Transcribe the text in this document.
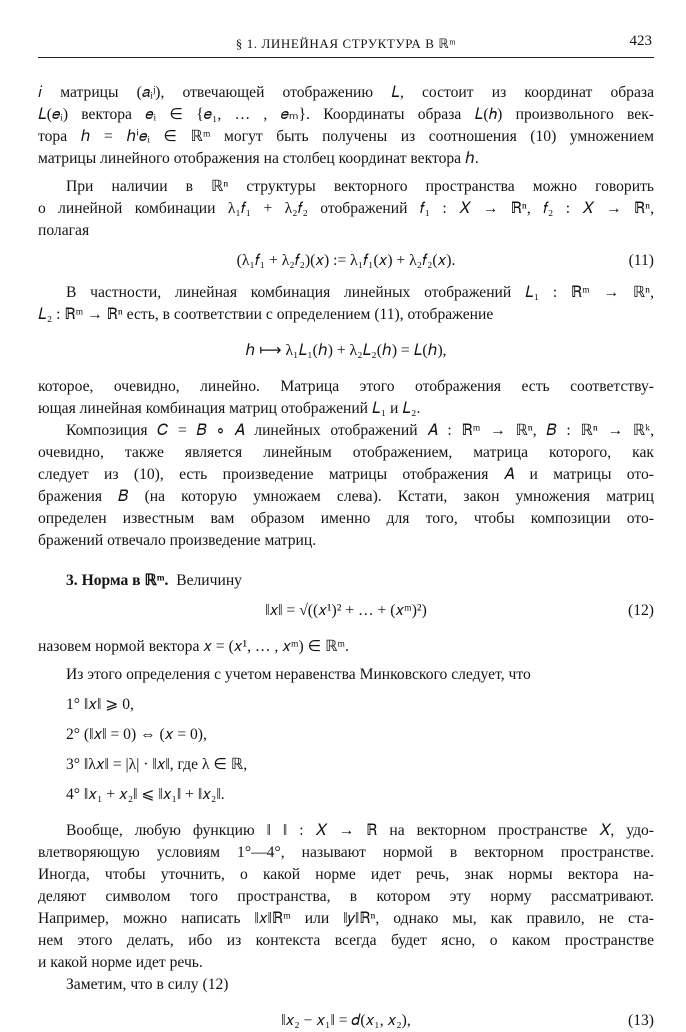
§ 1. ЛИНЕЙНАЯ СТРУКТУРА В ℝᵐ	423
𝑖 матрицы (𝑎ᵢʲ), отвечающей отображению 𝐿, состоит из координат образа
𝐿(𝑒ᵢ) вектора 𝑒ᵢ ∈ {𝑒₁, … , 𝑒ₘ}. Координаты образа 𝐿(ℎ) произвольного век-
тора ℎ = ℎⁱ𝑒ᵢ ∈ ℝᵐ могут быть получены из соотношения (10) умножением
матрицы линейного отображения на столбец координат вектора ℎ.
При наличии в ℝⁿ структуры векторного пространства можно говорить
о линейной комбинации λ₁𝑓₁ + λ₂𝑓₂ отображений 𝑓₁ : 𝑋 → ℝⁿ, 𝑓₂ : 𝑋 → ℝⁿ,
полагая
(λ₁𝑓₁ + λ₂𝑓₂)(𝑥) := λ₁𝑓₁(𝑥) + λ₂𝑓₂(𝑥).	(11)
В частности, линейная комбинация линейных отображений 𝐿₁ : ℝᵐ → ℝⁿ,
𝐿₂ : ℝᵐ → ℝⁿ есть, в соответствии с определением (11), отображение
ℎ ⟼ λ₁𝐿₁(ℎ) + λ₂𝐿₂(ℎ) = 𝐿(ℎ),
которое, очевидно, линейно. Матрица этого отображения есть соответству-
ющая линейная комбинация матриц отображений 𝐿₁ и 𝐿₂.
Композиция 𝐶 = 𝐵 ∘ 𝐴 линейных отображений 𝐴 : ℝᵐ → ℝⁿ, 𝐵 : ℝⁿ → ℝᵏ,
очевидно, также является линейным отображением, матрица которого, как
следует из (10), есть произведение матрицы отображения 𝐴 и матрицы ото-
бражения 𝐵 (на которую умножаем слева). Кстати, закон умножения матриц
определен известным вам образом именно для того, чтобы композиции ото-
бражений отвечало произведение матриц.
3. Норма в ℝᵐ. Величину
‖𝑥‖ = √((𝑥¹)² + … + (𝑥ᵐ)²)	(12)
назовем нормой вектора 𝑥 = (𝑥¹, … , 𝑥ᵐ) ∈ ℝᵐ.
Из этого определения с учетом неравенства Минковского следует, что
1° ‖𝑥‖ ⩾ 0,
2° (‖𝑥‖ = 0) ⇔ (𝑥 = 0),
3° ‖λ𝑥‖ = |λ| · ‖𝑥‖, где λ ∈ ℝ,
4° ‖𝑥₁ + 𝑥₂‖ ⩽ ‖𝑥₁‖ + ‖𝑥₂‖.
Вообще, любую функцию ‖ ‖ : 𝑋 → ℝ на векторном пространстве 𝑋, удо-
влетворяющую условиям 1°—4°, называют нормой в векторном пространстве.
Иногда, чтобы уточнить, о какой норме идет речь, знак нормы вектора на-
деляют символом того пространства, в котором эту норму рассматривают.
Например, можно написать ‖𝑥‖ℝᵐ или ‖𝑦‖ℝⁿ, однако мы, как правило, не ста-
нем этого делать, ибо из контекста всегда будет ясно, о каком пространстве
и какой норме идет речь.
Заметим, что в силу (12)
‖𝑥₂ − 𝑥₁‖ = 𝑑(𝑥₁, 𝑥₂),	(13)
